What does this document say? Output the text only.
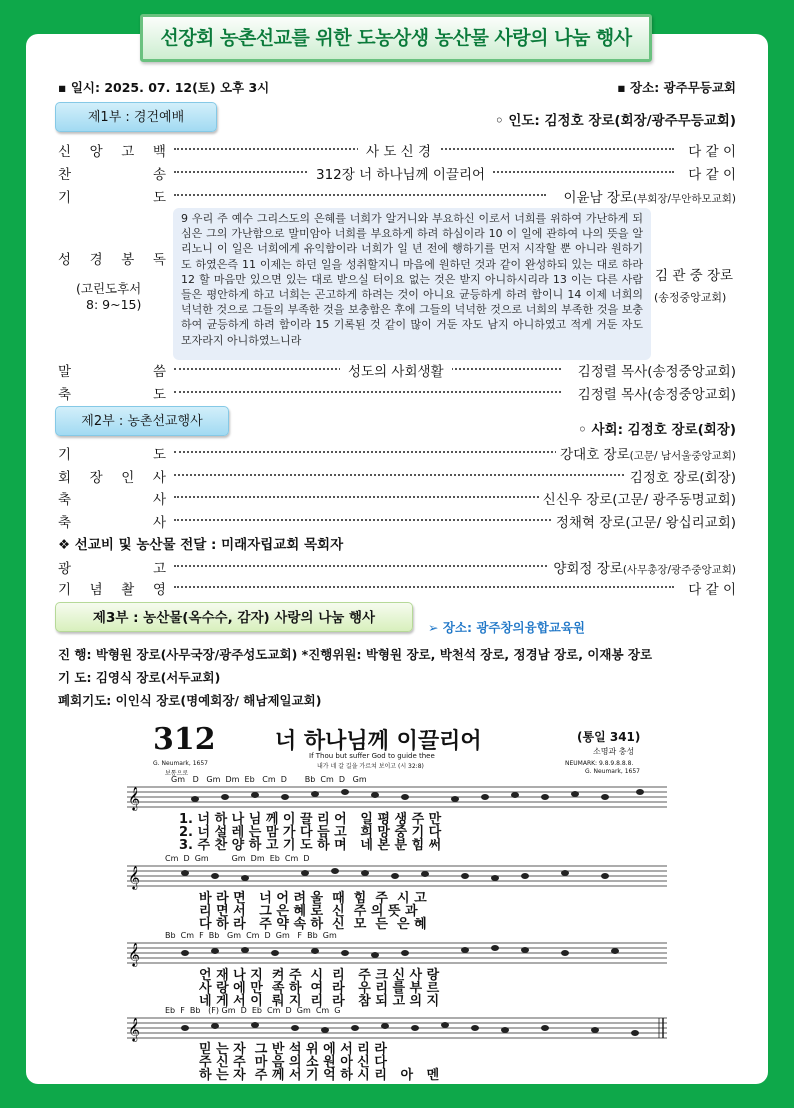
선장회 농촌선교를 위한 도농상생 농산물 사랑의 나눔 행사
▪ 일시: 2025. 07. 12(토) 오후 3시	▪ 장소: 광주무등교회
제1부 : 경건예배	◦ 인도: 김정호 장로(회장/광주무등교회)
신 앙 고 백	사 도 신 경	다 같 이
찬	송	312장 너 하나님께 이끌리어	다 같 이
기	도	이윤남 장로(부회장/무안하모교회)
성 경 봉 독
(고린도후서
8: 9~15)
9 우리 주 예수 그리스도의 은혜를 너희가 알거니와 부요하신 이로서 너희를 위하여 가난하게 되심은 그의 가난함으로 말미암아 너희를 부요하게 하려 하심이라 10 이 일에 관하여 나의 뜻을 알리노니 이 일은 너희에게 유익함이라 너희가 일 년 전에 행하기를 먼저 시작할 뿐 아니라 원하기도 하였은즉 11 이제는 하던 일을 성취할지니 마음에 원하던 것과 같이 완성하되 있는 대로 하라 12 할 마음만 있으면 있는 대로 받으실 터이요 없는 것은 받지 아니하시리라 13 이는 다른 사람들은 평안하게 하고 너희는 곤고하게 하려는 것이 아니요 균등하게 하려 함이니 14 이제 너희의 넉넉한 것으로 그들의 부족한 것을 보충함은 후에 그들의 넉넉한 것으로 너희의 부족한 것을 보충하여 균등하게 하려 함이라 15 기록된 것 같이 많이 거둔 자도 남지 아니하였고 적게 거둔 자도 모자라지 아니하였느니라
김 관 중 장로
(송정중앙교회)
말	씀	성도의 사회생활	김정렬 목사(송정중앙교회)
축	도	김정렬 목사(송정중앙교회)
제2부 : 농촌선교행사
◦ 사회: 김정호 장로(회장)
기	도	강대호 장로(고문/ 남서울중앙교회)
회 장 인 사	김정호 장로(회장)
축	사	신신우 장로(고문/ 광주동명교회)
축	사	정채혁 장로(고문/ 왕십리교회)
❖ 선교비 및 농산물 전달 : 미래자립교회 목회자
광	고	양회정 장로(사무총장/광주중앙교회)
기 념 촬 영	다 같 이
제3부 : 농산물(옥수수, 감자) 사랑의 나눔 행사
➢ 장소: 광주창의융합교육원
진 행: 박형원 장로(사무국장/광주성도교회) *진행위원: 박형원 장로, 박천석 장로, 정경남 장로, 이재봉 장로
기 도: 김영식 장로(서두교회)
폐회기도: 이인식 장로(명예회장/ 해남제일교회)
312	너 하나님께 이끌리어	(통일 341)
소명과 충성
If Thou but suffer God to guide thee
내가 네 갈 길을 가르쳐 보이고 (시 32:8)
G. Neumark, 1657
보통으로
NEUMARK: 9.8.9.8.8.8.
G. Neumark, 1657
Gm   D   Gm  Dm  Eb   Cm  D       Bb  Cm  D   Gm
𝄞
1. 너 하 나 님 께 이 끌 리 어   일 평 생 주 만
2. 너 설 레 는 맘 가 다 듬 고   희 망 중 기 다
3. 주 찬 양 하 고 기 도 하 며   네 본 분 힘 써
Cm  D  Gm         Gm  Dm  Eb  Cm  D
𝄞
바 라 면   너 어 려 울  때  힘  주  시 고
리 면 서   그 은 혜 로  신  주 의 뜻 과
다 하 라   주 약 속 하  신  모  든  은 혜
Bb  Cm  F  Bb   Gm  Cm  D  Gm   F  Bb  Gm
𝄞
언 재 나 지  켜 주  시  리   주 크 신 사 랑
사 랑 에 만  족 하  여  라   우 리 를 부 르
네 게 서 이  뤄 지  리  라   참 되 고 의 지
Eb  F  Bb   (F) Gm  D  Eb  Cm  D  Gm  Cm  G
𝄞
믿 는 자  그 반 석 위 에 서 리 라
주 신 주  마 음 의 소 원 아 신 다
하 는 자  주 께 서 기 억 하 시 리   아   멘
